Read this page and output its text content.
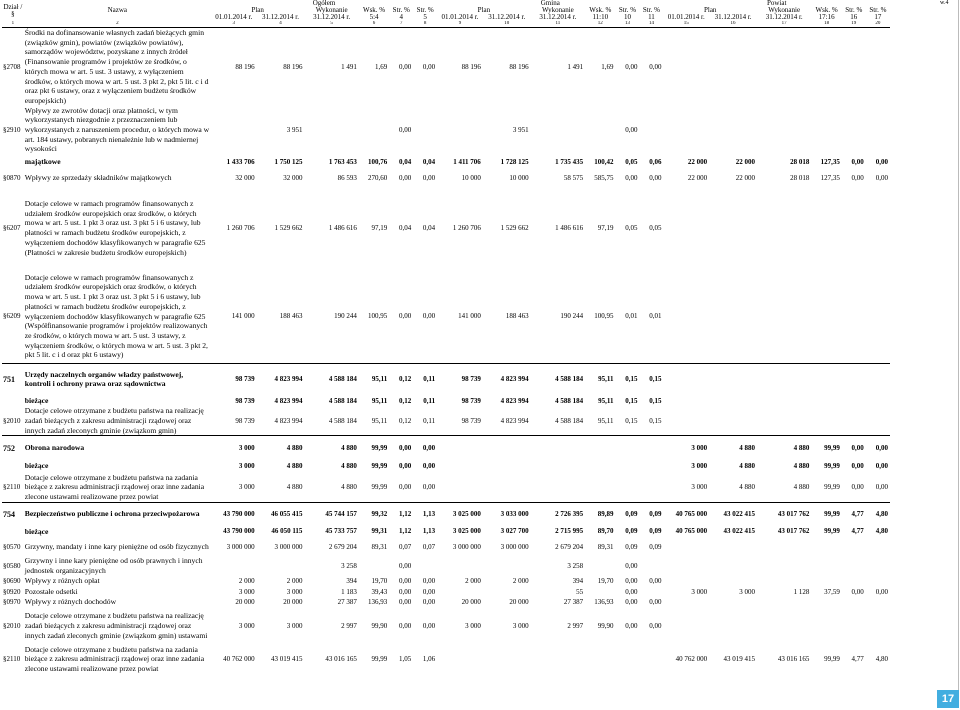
w.4
Dział / §	Nazwa	Ogółem						Gmina						Powiat					
		Plan		Wykonanie	Wsk. %	Str. %	Str. %	Plan		Wykonanie	Wsk. %	Str. %	Str. %	Plan		Wykonanie	Wsk. %	Str. %	Str. %
		01.01.2014 r.	31.12.2014 r.	31.12.2014 r.	5:4	4	5	01.01.2014 r.	31.12.2014 r.	31.12.2014 r.	11:10	10	11	01.01.2014 r.	31.12.2014 r.	31.12.2014 r.	17:16	16	17
1	2	3	4	5	6	7	8	9	10	11	12	13	14	15	16	17	18	19	20
§2708	Środki na dofinansowanie własnych zadań bieżących gmin (związków gmin), powiatów (związków powiatów), samorządów województw, pozyskane z innych źródeł (Finansowanie programów i projektów ze środków, o których mowa w art. 5 ust. 3 ustawy, z wyłączeniem środków, o których mowa w art. 5 ust. 3 pkt 2, pkt 5 lit. c i d oraz pkt 6 ustawy, oraz z wyłączeniem budżetu środków europejskich)	88 196	88 196	1 491	1,69	0,00	0,00	88 196	88 196	1 491	1,69	0,00	0,00						
§2910	Wpływy ze zwrotów dotacji oraz płatności, w tym wykorzystanych niezgodnie z przeznaczeniem lub wykorzystanych z naruszeniem procedur, o których mowa w art. 184 ustawy, pobranych nienależnie lub w nadmiernej wysokości		3 951			0,00			3 951			0,00							
	majątkowe	1 433 706	1 750 125	1 763 453	100,76	0,04	0,04	1 411 706	1 728 125	1 735 435	100,42	0,05	0,06	22 000	22 000	28 018	127,35	0,00	0,00
§0870	Wpływy ze sprzedaży składników majątkowych	32 000	32 000	86 593	270,60	0,00	0,00	10 000	10 000	58 575	585,75	0,00	0,00	22 000	22 000	28 018	127,35	0,00	0,00
§6207	Dotacje celowe w ramach programów finansowanych z udziałem środków europejskich oraz środków, o których mowa w art. 5 ust. 1 pkt 3 oraz ust. 3 pkt 5 i 6 ustawy, lub płatności w ramach budżetu środków europejskich, z wyłączeniem dochodów klasyfikowanych w paragrafie 625 (Płatności w zakresie budżetu środków europejskich)	1 260 706	1 529 662	1 486 616	97,19	0,04	0,04	1 260 706	1 529 662	1 486 616	97,19	0,05	0,05						
§6209	Dotacje celowe w ramach programów finansowanych z udziałem środków europejskich oraz środków, o których mowa w art. 5 ust. 1 pkt 3 oraz ust. 3 pkt 5 i 6 ustawy, lub płatności w ramach budżetu środków europejskich, z wyłączeniem dochodów klasyfikowanych w paragrafie 625 (Współfinansowanie programów i projektów realizowanych ze środków, o których mowa w art. 5 ust. 3 ustawy, z wyłączeniem środków, o których mowa w art. 5 ust. 3 pkt 2, pkt 5 lit. c i d oraz pkt 6 ustawy)	141 000	188 463	190 244	100,95	0,00	0,00	141 000	188 463	190 244	100,95	0,01	0,01						
751	Urzędy naczelnych organów władzy państwowej, kontroli i ochrony prawa oraz sądownictwa	98 739	4 823 994	4 588 184	95,11	0,12	0,11	98 739	4 823 994	4 588 184	95,11	0,15	0,15						
	bieżące	98 739	4 823 994	4 588 184	95,11	0,12	0,11	98 739	4 823 994	4 588 184	95,11	0,15	0,15						
§2010	Dotacje celowe otrzymane z budżetu państwa na realizację zadań bieżących z zakresu administracji rządowej oraz innych zadań zleconych gminie (związkom gmin)	98 739	4 823 994	4 588 184	95,11	0,12	0,11	98 739	4 823 994	4 588 184	95,11	0,15	0,15						
752	Obrona narodowa	3 000	4 880	4 880	99,99	0,00	0,00							3 000	4 880	4 880	99,99	0,00	0,00
	bieżące	3 000	4 880	4 880	99,99	0,00	0,00							3 000	4 880	4 880	99,99	0,00	0,00
§2110	Dotacje celowe otrzymane z budżetu państwa na zadania bieżące z zakresu administracji rządowej oraz inne zadania zlecone ustawami realizowane przez powiat	3 000	4 880	4 880	99,99	0,00	0,00							3 000	4 880	4 880	99,99	0,00	0,00
754	Bezpieczeństwo publiczne i ochrona przeciwpożarowa	43 790 000	46 055 415	45 744 157	99,32	1,12	1,13	3 025 000	3 033 000	2 726 395	89,89	0,09	0,09	40 765 000	43 022 415	43 017 762	99,99	4,77	4,80
	bieżące	43 790 000	46 050 115	45 733 757	99,31	1,12	1,13	3 025 000	3 027 700	2 715 995	89,70	0,09	0,09	40 765 000	43 022 415	43 017 762	99,99	4,77	4,80
§0570	Grzywny, mandaty i inne kary pieniężne od osób fizycznych	3 000 000	3 000 000	2 679 204	89,31	0,07	0,07	3 000 000	3 000 000	2 679 204	89,31	0,09	0,09						
§0580	Grzywny i inne kary pieniężne od osób prawnych i innych jednostek organizacyjnych			3 258		0,00				3 258		0,00							
§0690	Wpływy z różnych opłat	2 000	2 000	394	19,70	0,00	0,00	2 000	2 000	394	19,70	0,00	0,00						
§0920	Pozostałe odsetki	3 000	3 000	1 183	39,43	0,00	0,00			55		0,00		3 000	3 000	1 128	37,59	0,00	0,00
§0970	Wpływy z różnych dochodów	20 000	20 000	27 387	136,93	0,00	0,00	20 000	20 000	27 387	136,93	0,00	0,00						
§2010	Dotacje celowe otrzymane z budżetu państwa na realizację zadań bieżących z zakresu administracji rządowej oraz innych zadań zleconych gminie (związkom gmin) ustawami	3 000	3 000	2 997	99,90	0,00	0,00	3 000	3 000	2 997	99,90	0,00	0,00						
§2110	Dotacje celowe otrzymane z budżetu państwa na zadania bieżące z zakresu administracji rządowej oraz inne zadania zlecone ustawami realizowane przez powiat	40 762 000	43 019 415	43 016 165	99,99	1,05	1,06							40 762 000	43 019 415	43 016 165	99,99	4,77	4,80
17
